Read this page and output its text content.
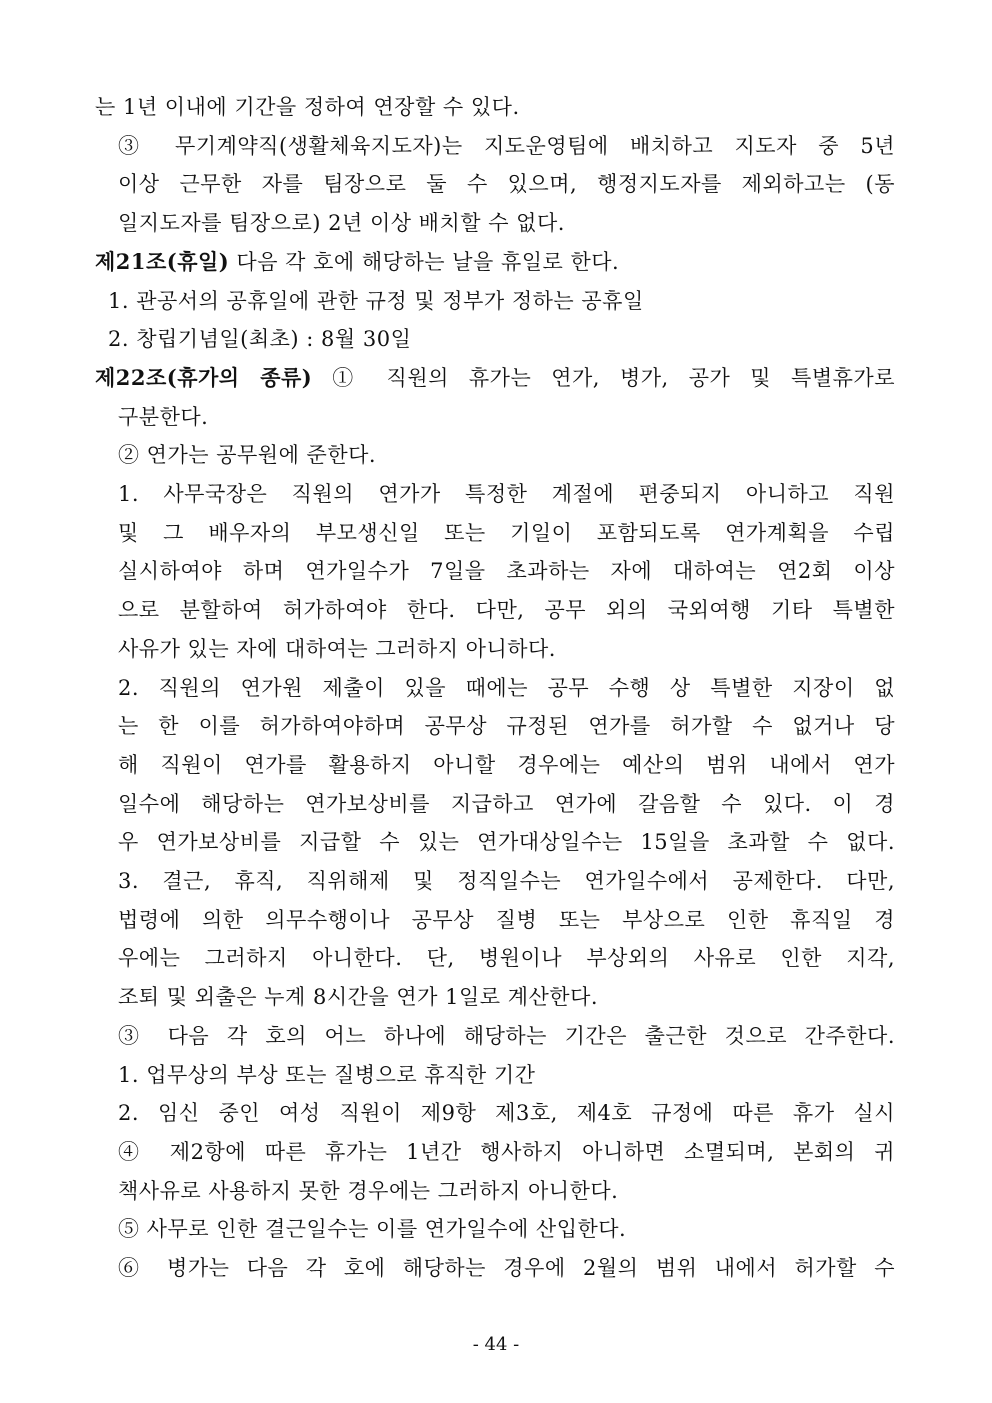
는 1년 이내에 기간을 정하여 연장할 수 있다.
③ 무기계약직(생활체육지도자)는 지도운영팀에 배치하고 지도자 중 5년
이상 근무한 자를 팀장으로 둘 수 있으며, 행정지도자를 제외하고는 (동
일지도자를 팀장으로) 2년 이상 배치할 수 없다.
제21조(휴일) 다음 각 호에 해당하는 날을 휴일로 한다.
1. 관공서의 공휴일에 관한 규정 및 정부가 정하는 공휴일
2. 창립기념일(최초) : 8월 30일
제22조(휴가의 종류) ① 직원의 휴가는 연가, 병가, 공가 및 특별휴가로
구분한다.
② 연가는 공무원에 준한다.
1. 사무국장은 직원의 연가가 특정한 계절에 편중되지 아니하고 직원
및 그 배우자의 부모생신일 또는 기일이 포함되도록 연가계획을 수립
실시하여야 하며 연가일수가 7일을 초과하는 자에 대하여는 연2회 이상
으로 분할하여 허가하여야 한다. 다만, 공무 외의 국외여행 기타 특별한
사유가 있는 자에 대하여는 그러하지 아니하다.
2. 직원의 연가원 제출이 있을 때에는 공무 수행 상 특별한 지장이 없
는 한 이를 허가하여야하며 공무상 규정된 연가를 허가할 수 없거나 당
해 직원이 연가를 활용하지 아니할 경우에는 예산의 범위 내에서 연가
일수에 해당하는 연가보상비를 지급하고 연가에 갈음할 수 있다. 이 경
우 연가보상비를 지급할 수 있는 연가대상일수는 15일을 초과할 수 없다.
3. 결근, 휴직, 직위해제 및 정직일수는 연가일수에서 공제한다. 다만,
법령에 의한 의무수행이나 공무상 질병 또는 부상으로 인한 휴직일 경
우에는 그러하지 아니한다. 단, 병원이나 부상외의 사유로 인한 지각,
조퇴 및 외출은 누계 8시간을 연가 1일로 계산한다.
③ 다음 각 호의 어느 하나에 해당하는 기간은 출근한 것으로 간주한다.
1. 업무상의 부상 또는 질병으로 휴직한 기간
2. 임신 중인 여성 직원이 제9항 제3호, 제4호 규정에 따른 휴가 실시
④ 제2항에 따른 휴가는 1년간 행사하지 아니하면 소멸되며, 본회의 귀
책사유로 사용하지 못한 경우에는 그러하지 아니한다.
⑤ 사무로 인한 결근일수는 이를 연가일수에 산입한다.
⑥ 병가는 다음 각 호에 해당하는 경우에 2월의 범위 내에서 허가할 수
- 44 -
